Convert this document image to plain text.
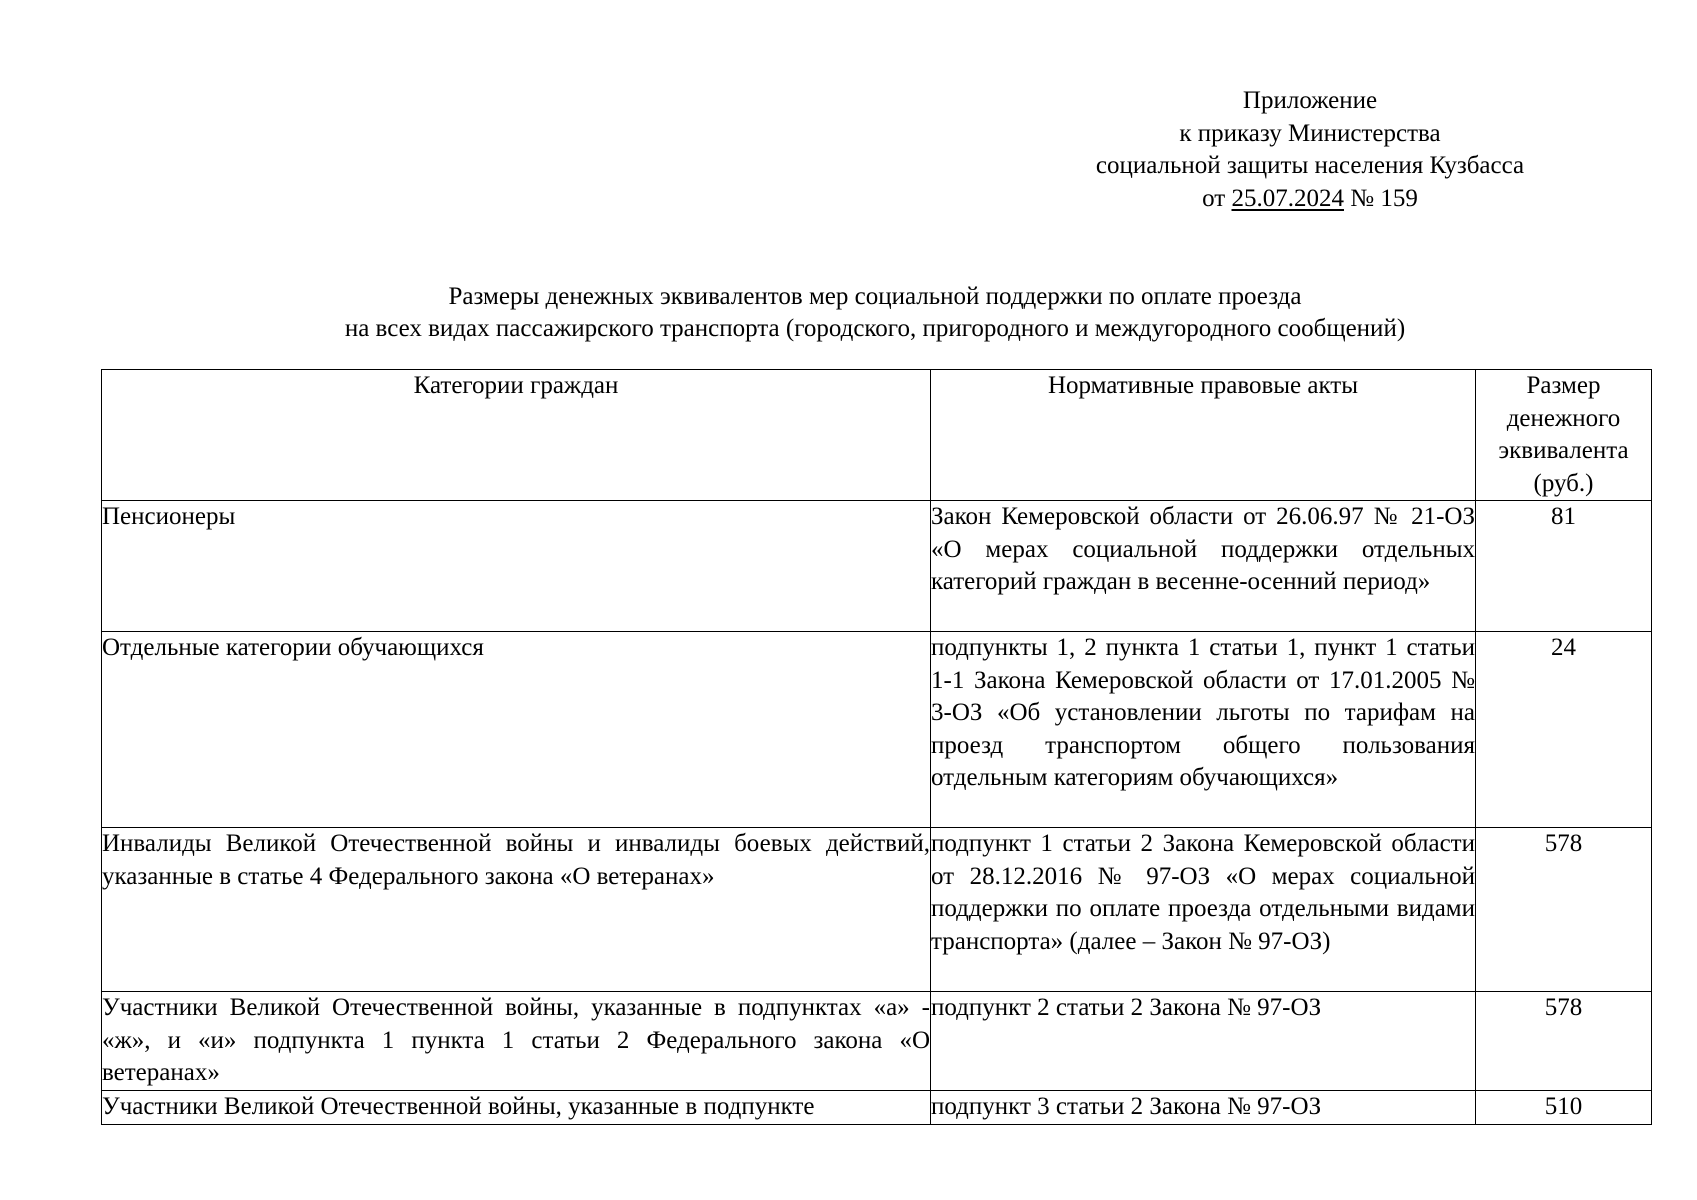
Приложение
к приказу Министерства
социальной защиты населения Кузбасса
от 25.07.2024 № 159
Размеры денежных эквивалентов мер социальной поддержки по оплате проезда
на всех видах пассажирского транспорта (городского, пригородного и междугородного сообщений)
Категории граждан	Нормативные правовые акты	Размер денежного эквивалента (руб.)
Пенсионеры	Закон Кемеровской области от 26.06.97 № 21-ОЗ «О мерах социальной поддержки отдельных категорий граждан в весенне-осенний период»	81
Отдельные категории обучающихся	подпункты 1, 2 пункта 1 статьи 1, пункт 1 статьи 1-1 Закона Кемеровской области от 17.01.2005 № 3-ОЗ «Об установлении льготы по тарифам на проезд транспортом общего пользования отдельным категориям обучающихся»	24
Инвалиды Великой Отечественной войны и инвалиды боевых действий, указанные в статье 4 Федерального закона «О ветеранах»	подпункт 1 статьи 2 Закона Кемеровской области от 28.12.2016 № 97-ОЗ «О мерах социальной поддержки по оплате проезда отдельными видами транспорта» (далее – Закон № 97-ОЗ)	578
Участники Великой Отечественной войны, указанные в подпунктах «а» - «ж», и «и» подпункта 1 пункта 1 статьи 2 Федерального закона «О ветеранах»	подпункт 2 статьи 2 Закона № 97-ОЗ	578
Участники Великой Отечественной войны, указанные в подпункте	подпункт 3 статьи 2 Закона № 97-ОЗ	510
